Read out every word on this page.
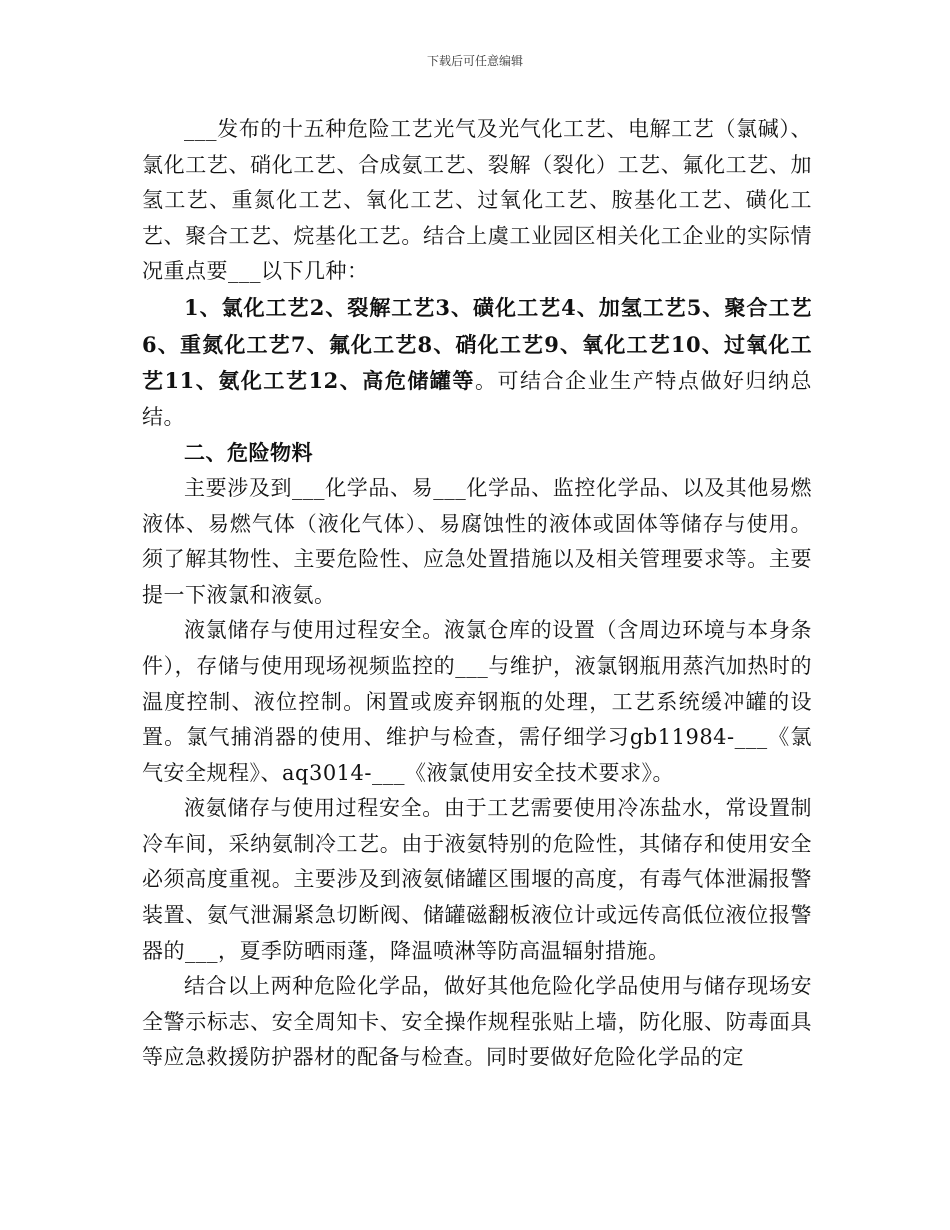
下载后可任意编辑

___发布的十五种危险工艺光气及光气化工艺、电解工艺（氯碱）、氯化工艺、硝化工艺、合成氨工艺、裂解（裂化）工艺、氟化工艺、加氢工艺、重氮化工艺、氧化工艺、过氧化工艺、胺基化工艺、磺化工艺、聚合工艺、烷基化工艺。结合上虞工业园区相关化工企业的实际情况重点要___以下几种：

1、氯化工艺2、裂解工艺3、磺化工艺4、加氢工艺5、聚合工艺6、重氮化工艺7、氟化工艺8、硝化工艺9、氧化工艺10、过氧化工艺11、氨化工艺12、高危储罐等。可结合企业生产特点做好归纳总结。

二、危险物料

主要涉及到___化学品、易___化学品、监控化学品、以及其他易燃液体、易燃气体（液化气体）、易腐蚀性的液体或固体等储存与使用。须了解其物性、主要危险性、应急处置措施以及相关管理要求等。主要提一下液氯和液氨。

液氯储存与使用过程安全。液氯仓库的设置（含周边环境与本身条件），存储与使用现场视频监控的___与维护，液氯钢瓶用蒸汽加热时的温度控制、液位控制。闲置或废弃钢瓶的处理，工艺系统缓冲罐的设置。氯气捕消器的使用、维护与检查，需仔细学习gb11984-___《氯气安全规程》、aq3014-___《液氯使用安全技术要求》。

液氨储存与使用过程安全。由于工艺需要使用冷冻盐水，常设置制冷车间，采纳氨制冷工艺。由于液氨特别的危险性，其储存和使用安全必须高度重视。主要涉及到液氨储罐区围堰的高度，有毒气体泄漏报警装置、氨气泄漏紧急切断阀、储罐磁翻板液位计或远传高低位液位报警器的___，夏季防晒雨蓬，降温喷淋等防高温辐射措施。

结合以上两种危险化学品，做好其他危险化学品使用与储存现场安全警示标志、安全周知卡、安全操作规程张贴上墙，防化服、防毒面具等应急救援防护器材的配备与检查。同时要做好危险化学品的定
